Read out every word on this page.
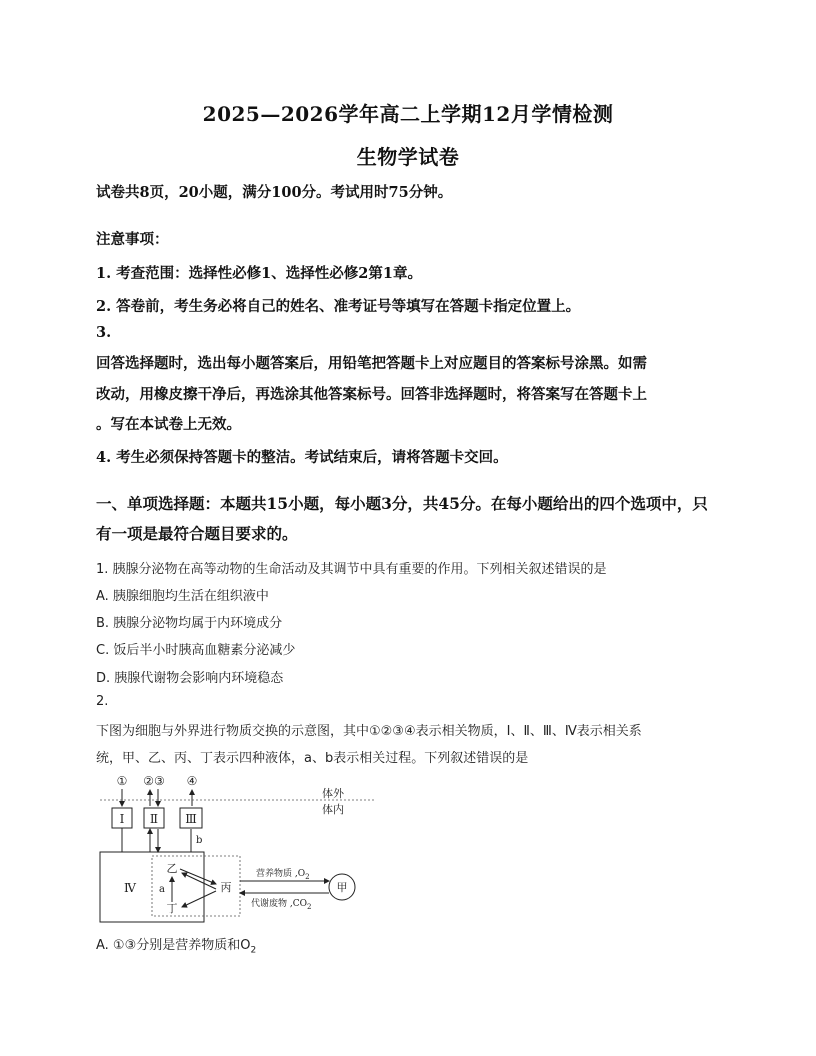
2025—2026学年高二上学期12月学情检测
生物学试卷
试卷共8页，20小题，满分100分。考试用时75分钟。
注意事项：
1. 考查范围：选择性必修1、选择性必修2第1章。
2. 答卷前，考生务必将自己的姓名、准考证号等填写在答题卡指定位置上。
3.
回答选择题时，选出每小题答案后，用铅笔把答题卡上对应题目的答案标号涂黑。如需
改动，用橡皮擦干净后，再选涂其他答案标号。回答非选择题时，将答案写在答题卡上
。写在本试卷上无效。
4. 考生必须保持答题卡的整洁。考试结束后，请将答题卡交回。
一、单项选择题：本题共15小题，每小题3分，共45分。在每小题给出的四个选项中，只
有一项是最符合题目要求的。
1. 胰腺分泌物在高等动物的生命活动及其调节中具有重要的作用。下列相关叙述错误的是
A. 胰腺细胞均生活在组织液中
B. 胰腺分泌物均属于内环境成分
C. 饭后半小时胰高血糖素分泌减少
D. 胰腺代谢物会影响内环境稳态
2.
下图为细胞与外界进行物质交换的示意图，其中①②③④表示相关物质，Ⅰ、Ⅱ、Ⅲ、Ⅳ表示相关系
统，甲、乙、丙、丁表示四种液体，a、b表示相关过程。下列叙述错误的是
① ②③ ④
体外
体内
Ⅰ Ⅱ Ⅲ
b
Ⅳ
乙
丁
a	丙
营养物质 $,O_2$
代谢废物 $,CO_2$
甲
A. ①③分别是营养物质和$O_2$
